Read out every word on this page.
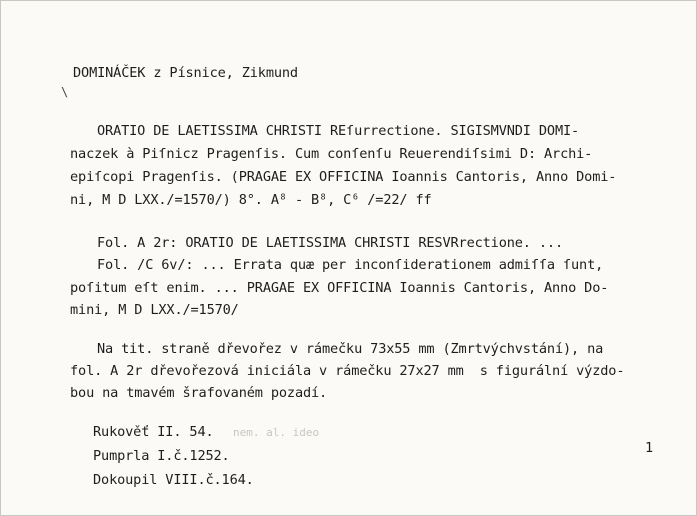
\
DOMINÁČEK z Písnice, Zikmund
ORATIO DE LAETISSIMA CHRISTI REſurrectione. SIGISMVNDI DOMI-
naczek à Piſnicz Pragenſis. Cum conſenſu Reuerendiſsimi D: Archi-
epiſcopi Pragenſis. (PRAGAE EX OFFICINA Ioannis Cantoris, Anno Domi-
ni, M D LXX./=1570/) 8°. A⁸ - B⁸, C⁶ /=22/ ff
Fol. A 2r: ORATIO DE LAETISSIMA CHRISTI RESVRrectione. ...
Fol. /C 6v/: ... Errata quæ per inconſiderationem admiſſa ſunt,
poſitum eſt enim. ... PRAGAE EX OFFICINA Ioannis Cantoris, Anno Do-
mini, M D LXX./=1570/
Na tit. straně dřevořez v rámečku 73x55 mm (Zmrtvýchvstání), na
fol. A 2r dřevořezová iniciála v rámečku 27x27 mm  s figurální výzdo-
bou na tmavém šrafovaném pozadí.
Rukověť II. 54. nem. al. ideo
Pumprla I.č.1252.
Dokoupil VIII.č.164.
1
